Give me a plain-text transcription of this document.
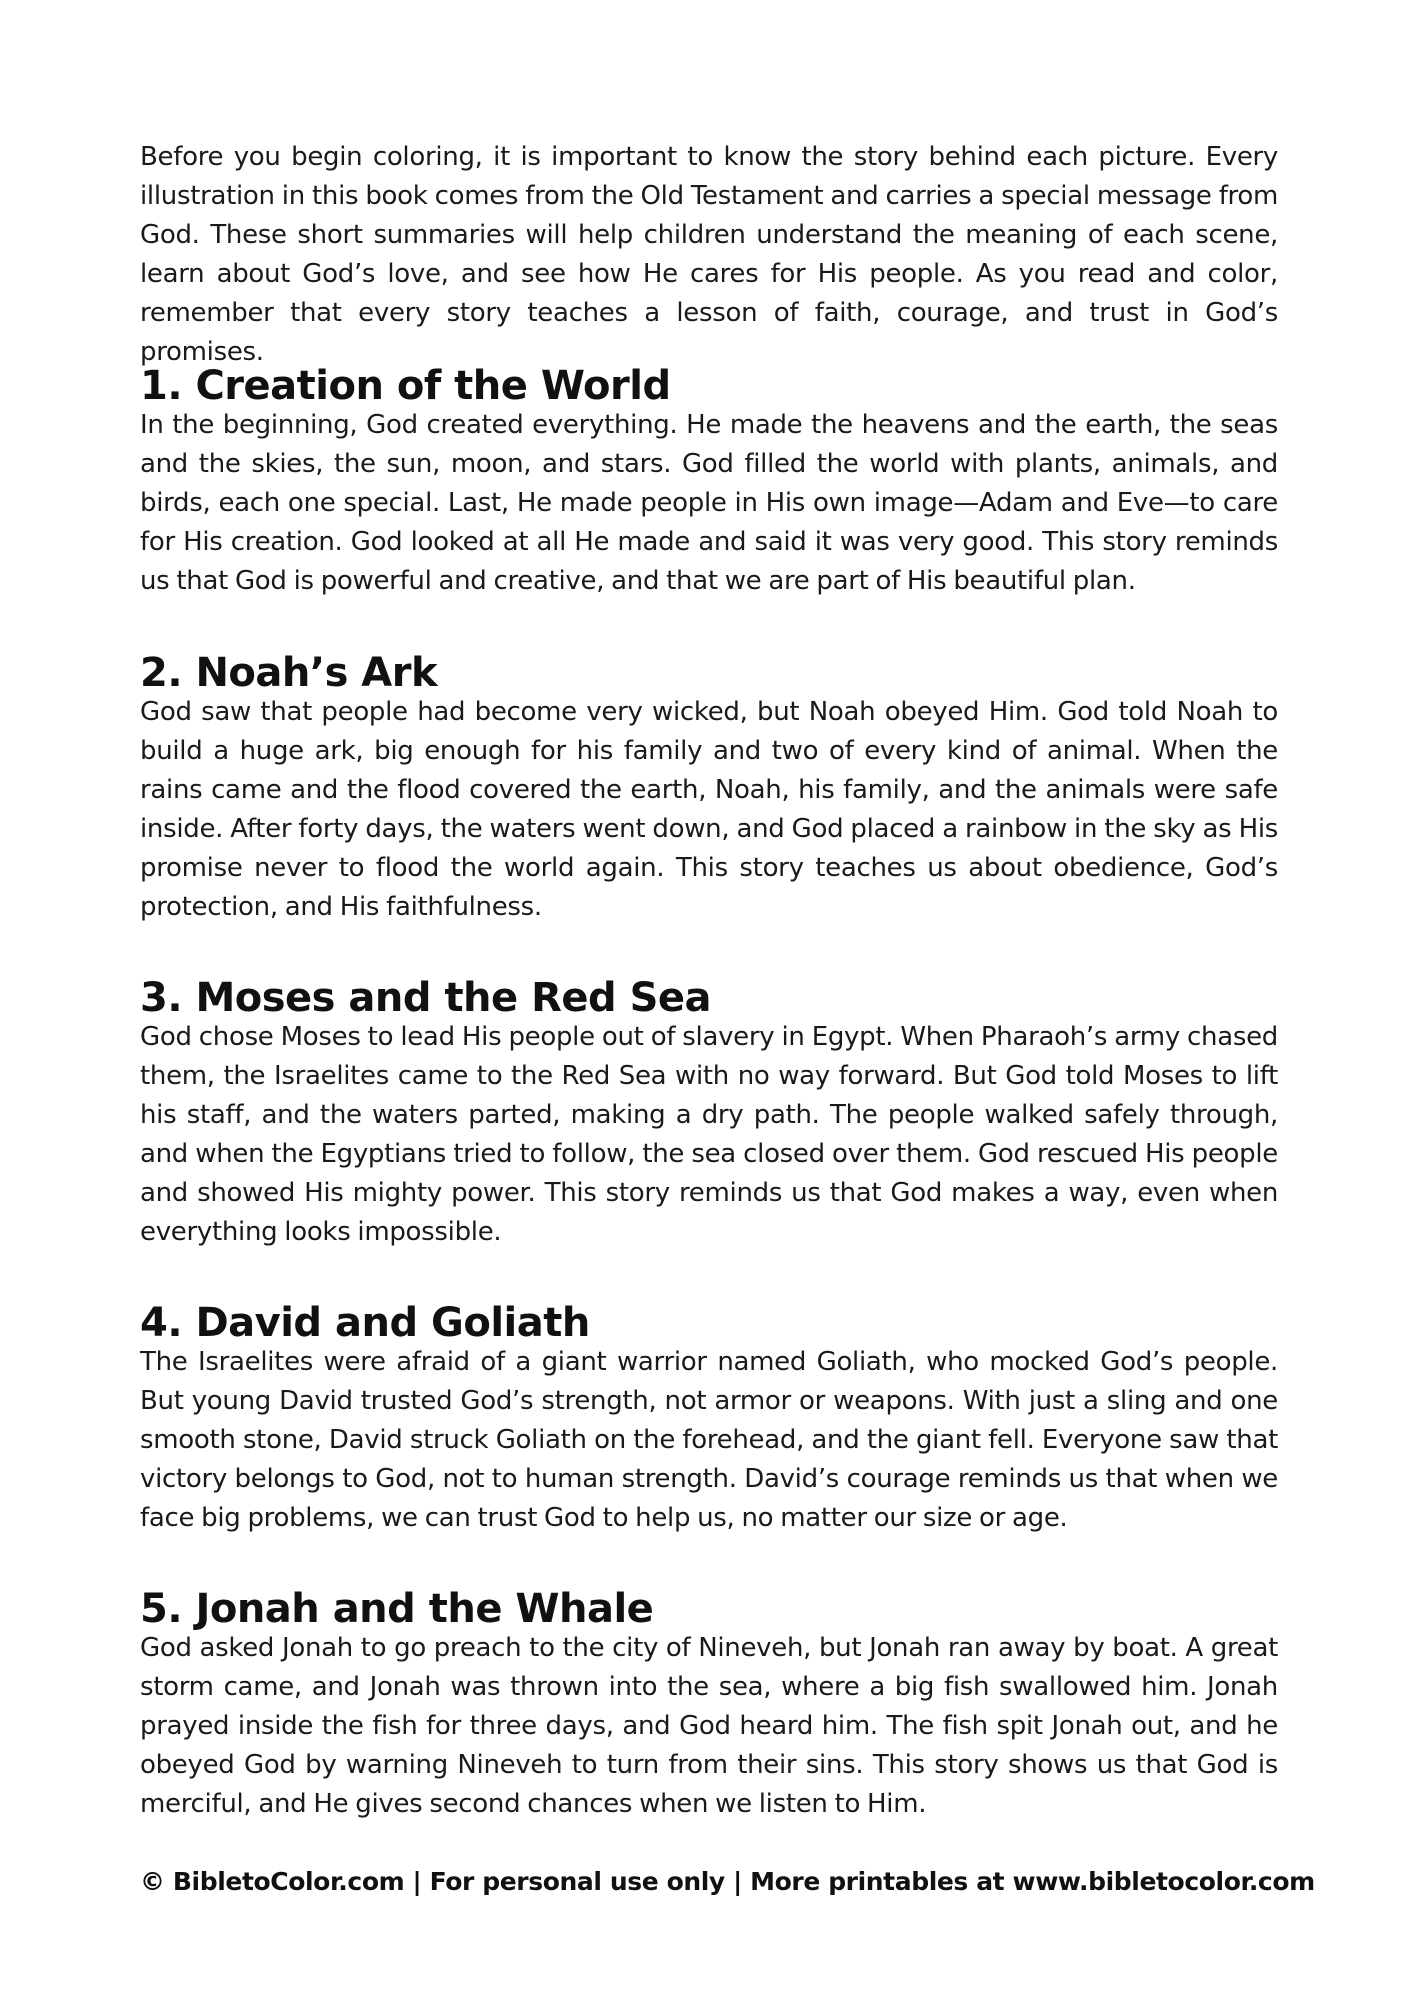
Before you begin coloring, it is important to know the story behind each picture. Every illustration in this book comes from the Old Testament and carries a special message from God. These short summaries will help children understand the meaning of each scene, learn about God’s love, and see how He cares for His people. As you read and color, remember that every story teaches a lesson of faith, courage, and trust in God’s promises.

1. Creation of the World

In the beginning, God created everything. He made the heavens and the earth, the seas and the skies, the sun, moon, and stars. God filled the world with plants, animals, and birds, each one special. Last, He made people in His own image—Adam and Eve—to care for His creation. God looked at all He made and said it was very good. This story reminds us that God is powerful and creative, and that we are part of His beautiful plan.

2. Noah’s Ark

God saw that people had become very wicked, but Noah obeyed Him. God told Noah to build a huge ark, big enough for his family and two of every kind of animal. When the rains came and the flood covered the earth, Noah, his family, and the animals were safe inside. After forty days, the waters went down, and God placed a rainbow in the sky as His promise never to flood the world again. This story teaches us about obedience, God’s protection, and His faithfulness.

3. Moses and the Red Sea

God chose Moses to lead His people out of slavery in Egypt. When Pharaoh’s army chased them, the Israelites came to the Red Sea with no way forward. But God told Moses to lift his staff, and the waters parted, making a dry path. The people walked safely through, and when the Egyptians tried to follow, the sea closed over them. God rescued His people and showed His mighty power. This story reminds us that God makes a way, even when everything looks impossible.

4. David and Goliath

The Israelites were afraid of a giant warrior named Goliath, who mocked God’s people. But young David trusted God’s strength, not armor or weapons. With just a sling and one smooth stone, David struck Goliath on the forehead, and the giant fell. Everyone saw that victory belongs to God, not to human strength. David’s courage reminds us that when we face big problems, we can trust God to help us, no matter our size or age.

5. Jonah and the Whale

God asked Jonah to go preach to the city of Nineveh, but Jonah ran away by boat. A great storm came, and Jonah was thrown into the sea, where a big fish swallowed him. Jonah prayed inside the fish for three days, and God heard him. The fish spit Jonah out, and he obeyed God by warning Nineveh to turn from their sins. This story shows us that God is merciful, and He gives second chances when we listen to Him.

© BibletoColor.com | For personal use only | More printables at www.bibletocolor.com
